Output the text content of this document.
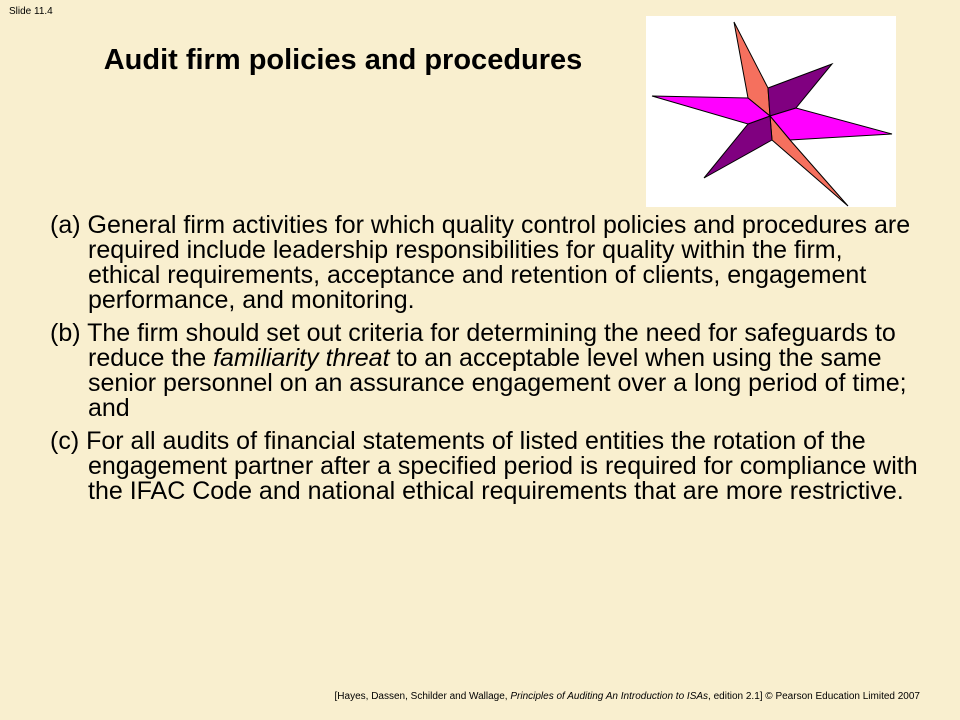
Slide 11.4
Audit firm policies and procedures
(a) General firm activities for which quality control policies and procedures are required include leadership responsibilities for quality within the firm, ethical requirements, acceptance and retention of clients, engagement performance, and monitoring.
(b) The firm should set out criteria for determining the need for safeguards to reduce the familiarity threat to an acceptable level when using the same senior personnel on an assurance engagement over a long period of time; and
(c) For all audits of financial statements of listed entities the rotation of the engagement partner after a specified period is required for compliance with the IFAC Code and national ethical requirements that are more restrictive.
[Hayes, Dassen, Schilder and Wallage, Principles of Auditing An Introduction to ISAs, edition 2.1] © Pearson Education Limited 2007
